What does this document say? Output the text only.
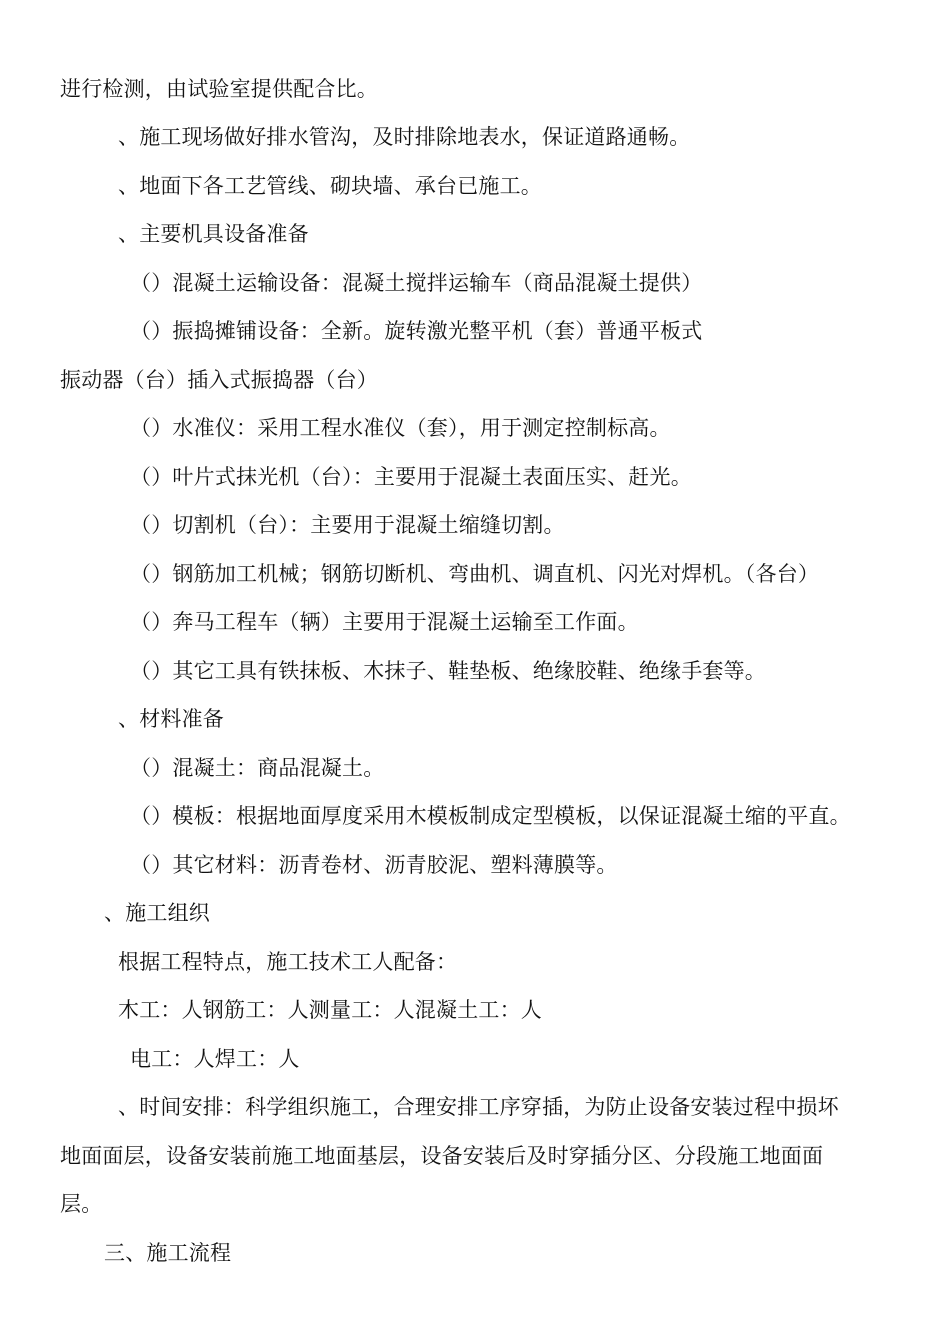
进行检测，由试验室提供配合比。
、施工现场做好排水管沟，及时排除地表水，保证道路通畅。
、地面下各工艺管线、砌块墙、承台已施工。
、主要机具设备准备
（）混凝土运输设备：混凝土搅拌运输车（商品混凝土提供）
（）振捣摊铺设备：全新。旋转激光整平机（套）普通平板式
振动器（台）插入式振捣器（台）
（）水准仪：采用工程水准仪（套），用于测定控制标高。
（）叶片式抹光机（台）：主要用于混凝土表面压实、赶光。
（）切割机（台）：主要用于混凝土缩缝切割。
（）钢筋加工机械；钢筋切断机、弯曲机、调直机、闪光对焊机。（各台）
（）奔马工程车（辆）主要用于混凝土运输至工作面。
（）其它工具有铁抹板、木抹子、鞋垫板、绝缘胶鞋、绝缘手套等。
、材料准备
（）混凝土：商品混凝土。
（）模板：根据地面厚度采用木模板制成定型模板，以保证混凝土缩的平直。
（）其它材料：沥青卷材、沥青胶泥、塑料薄膜等。
、施工组织
根据工程特点，施工技术工人配备：
木工：人钢筋工：人测量工：人混凝土工：人
电工：人焊工：人
、时间安排：科学组织施工，合理安排工序穿插，为防止设备安装过程中损坏
地面面层，设备安装前施工地面基层，设备安装后及时穿插分区、分段施工地面面
层。
三、施工流程
